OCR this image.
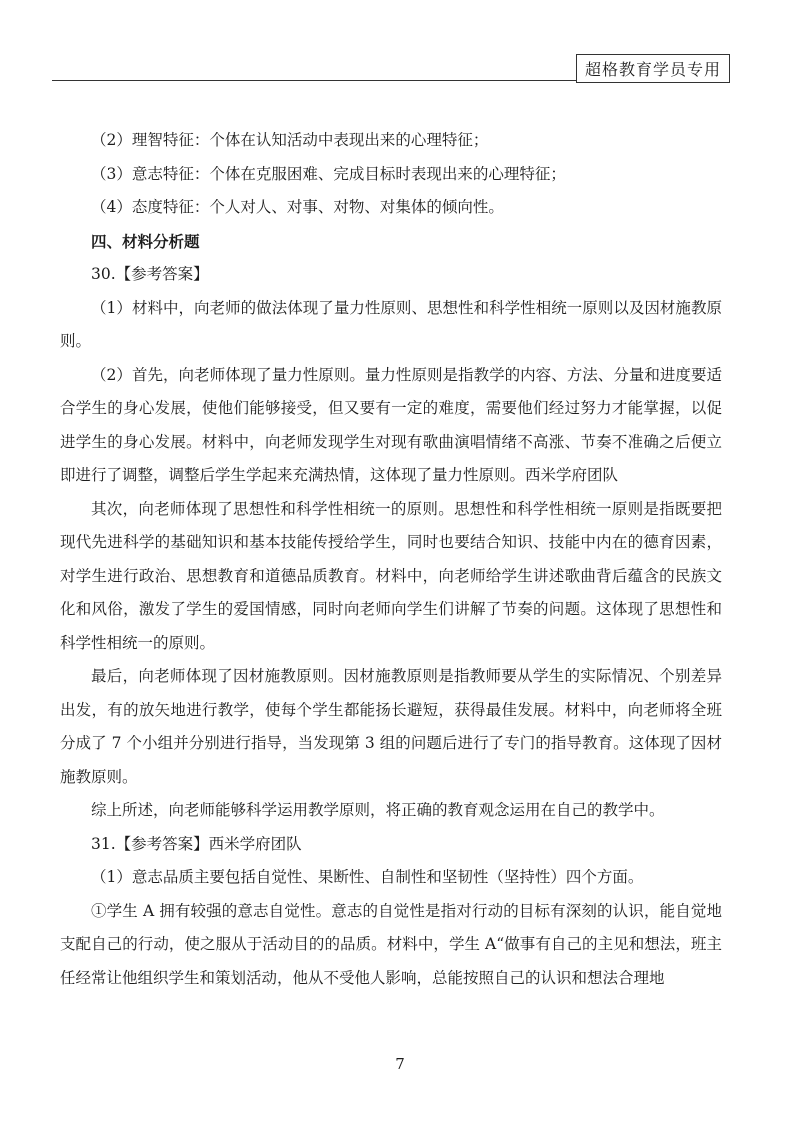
超格教育学员专用

（2）理智特征：个体在认知活动中表现出来的心理特征；

（3）意志特征：个体在克服困难、完成目标时表现出来的心理特征；

（4）态度特征：个人对人、对事、对物、对集体的倾向性。

四、材料分析题

30.【参考答案】

（1）材料中，向老师的做法体现了量力性原则、思想性和科学性相统一原则以及因材施教原则。

（2）首先，向老师体现了量力性原则。量力性原则是指教学的内容、方法、分量和进度要适合学生的身心发展，使他们能够接受，但又要有一定的难度，需要他们经过努力才能掌握，以促进学生的身心发展。材料中，向老师发现学生对现有歌曲演唱情绪不高涨、节奏不准确之后便立即进行了调整，调整后学生学起来充满热情，这体现了量力性原则。西米学府团队

其次，向老师体现了思想性和科学性相统一的原则。思想性和科学性相统一原则是指既要把现代先进科学的基础知识和基本技能传授给学生，同时也要结合知识、技能中内在的德育因素，对学生进行政治、思想教育和道德品质教育。材料中，向老师给学生讲述歌曲背后蕴含的民族文化和风俗，激发了学生的爱国情感，同时向老师向学生们讲解了节奏的问题。这体现了思想性和科学性相统一的原则。

最后，向老师体现了因材施教原则。因材施教原则是指教师要从学生的实际情况、个别差异出发，有的放矢地进行教学，使每个学生都能扬长避短，获得最佳发展。材料中，向老师将全班分成了 7 个小组并分别进行指导，当发现第 3 组的问题后进行了专门的指导教育。这体现了因材施教原则。

综上所述，向老师能够科学运用教学原则，将正确的教育观念运用在自己的教学中。

31.【参考答案】西米学府团队

（1）意志品质主要包括自觉性、果断性、自制性和坚韧性（坚持性）四个方面。

①学生 A 拥有较强的意志自觉性。意志的自觉性是指对行动的目标有深刻的认识，能自觉地支配自己的行动，使之服从于活动目的的品质。材料中，学生 A“做事有自己的主见和想法，班主任经常让他组织学生和策划活动，他从不受他人影响，总能按照自己的认识和想法合理地

7
